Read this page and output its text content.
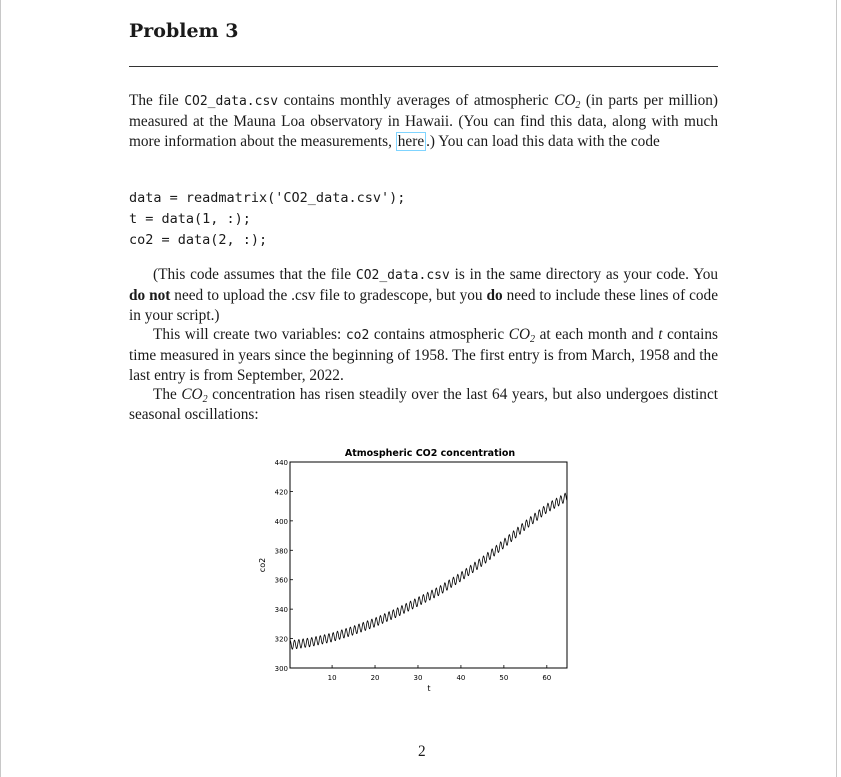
Problem 3

The file CO2_data.csv contains monthly averages of atmospheric $CO_2$ (in parts per million) measured at the Mauna Loa observatory in Hawaii. (You can find this data, along with much more information about the measurements, here .) You can load this data with the code

data = readmatrix('CO2_data.csv');
t = data(1, :);
co2 = data(2, :);

(This code assumes that the file CO2_data.csv is in the same directory as your code. You do not need to upload the .csv file to gradescope, but you do need to include these lines of code in your script.)

This will create two variables: co2 contains atmospheric $CO_2$ at each month and t contains time measured in years since the beginning of 1958. The first entry is from March, 1958 and the last entry is from September, 2022.

The $CO_2$ concentration has risen steadily over the last 64 years, but also undergoes distinct seasonal oscillations:

Atmospheric CO2 concentration
300
320
340
360
380
400
420
440
10	20	30	40	50	60
t
co2
2
